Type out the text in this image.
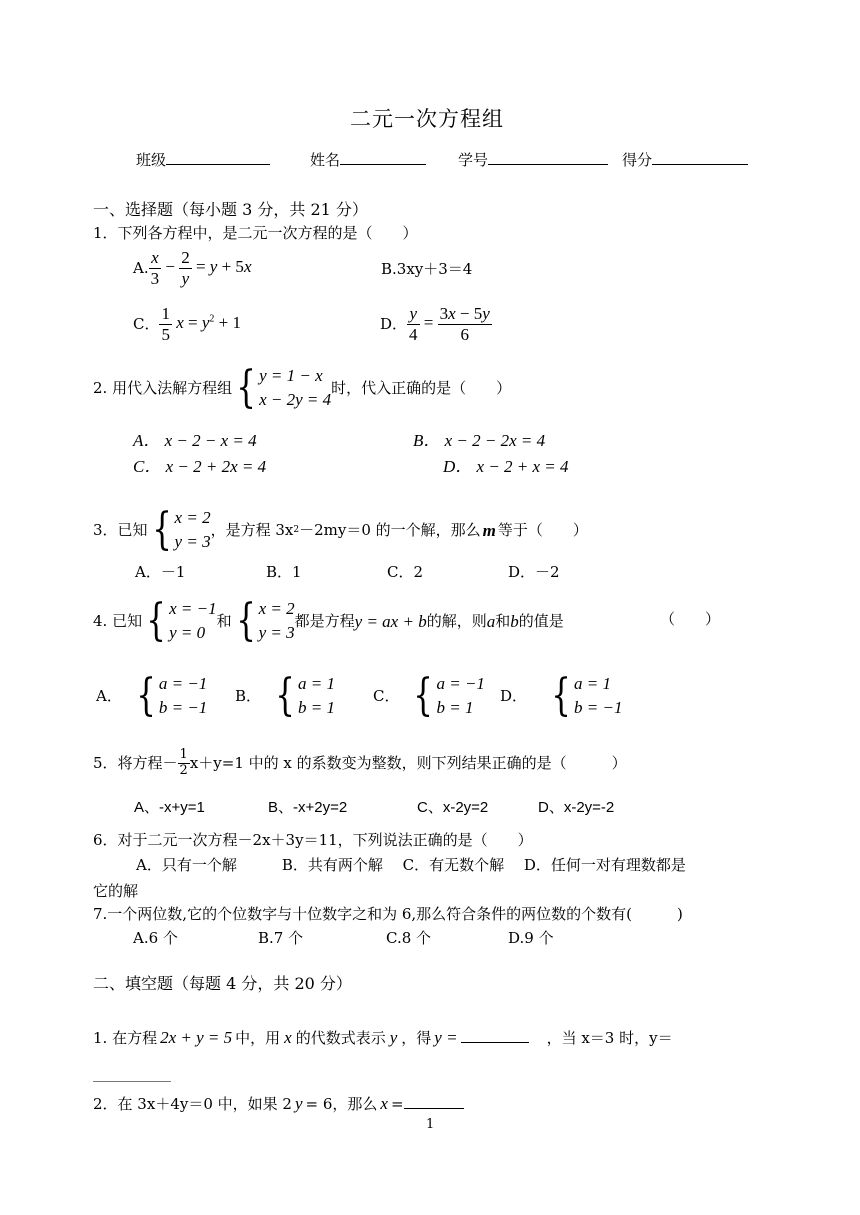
二元一次方程组
班级	姓名	学号	得分
一、选择题（每小题 3 分，共 21 分）
1．下列各方程中，是二元一次方程的是（　　）
A. $\frac{x}{3} - \frac{2}{y} = y + 5x$	B.3xy＋3＝4
C． $\frac{1}{5}$ $x = y^2 + 1$	D． $\frac{y}{4} = \frac{3x - 5y}{6}$
2. 用代入法解方程组 { y = 1 − x
x − 2y = 4
时，代入正确的是（　　）
A． x − 2 − x = 4	B． x − 2 − 2x = 4
C． x − 2 + 2x = 4	D． x − 2 + x = 4
3．已知 { x = 2
y = 3
，是方程 3x 2 －2my＝0 的一个解，那么 m 等于（　　）
A．－1	B．1	C．2	D．－2
4. 已知 { x = −1
y = 0
和 { x = 2
y = 3
都是方程 y = ax + b 的解，则 a 和 b 的值是	（　　）
A． { a = −1
b = −1
B． { a = 1
b = 1
C． { a = −1
b = 1
D． { a = 1
b = −1
5．将方程－ $\frac{1}{2} x+y=1$ 中的 x 的系数变为整数，则下列结果正确的是（　　　）
A、-x+y=1	B、-x+2y=2	C、x-2y=2	D、x-2y=-2
6．对于二元一次方程－2x＋3y＝11，下列说法正确的是（　　）
A．只有一个解　　　B．共有两个解　 C．有无数个解　 D．任何一对有理数都是
它的解
7.一个两位数,它的个位数字与十位数字之和为 6,那么符合条件的两位数的个数有(　　　)
A.6 个	B.7 个	C.8 个	D.9 个
二、填空题（每题 4 分，共 20 分）
1. 在方程 2x + y = 5 中，用 x 的代数式表示 y ，得 y =	，当 x＝3 时，y＝
2．在 3x＋4y＝0 中，如果 2 y = 6，那么 x =
1
